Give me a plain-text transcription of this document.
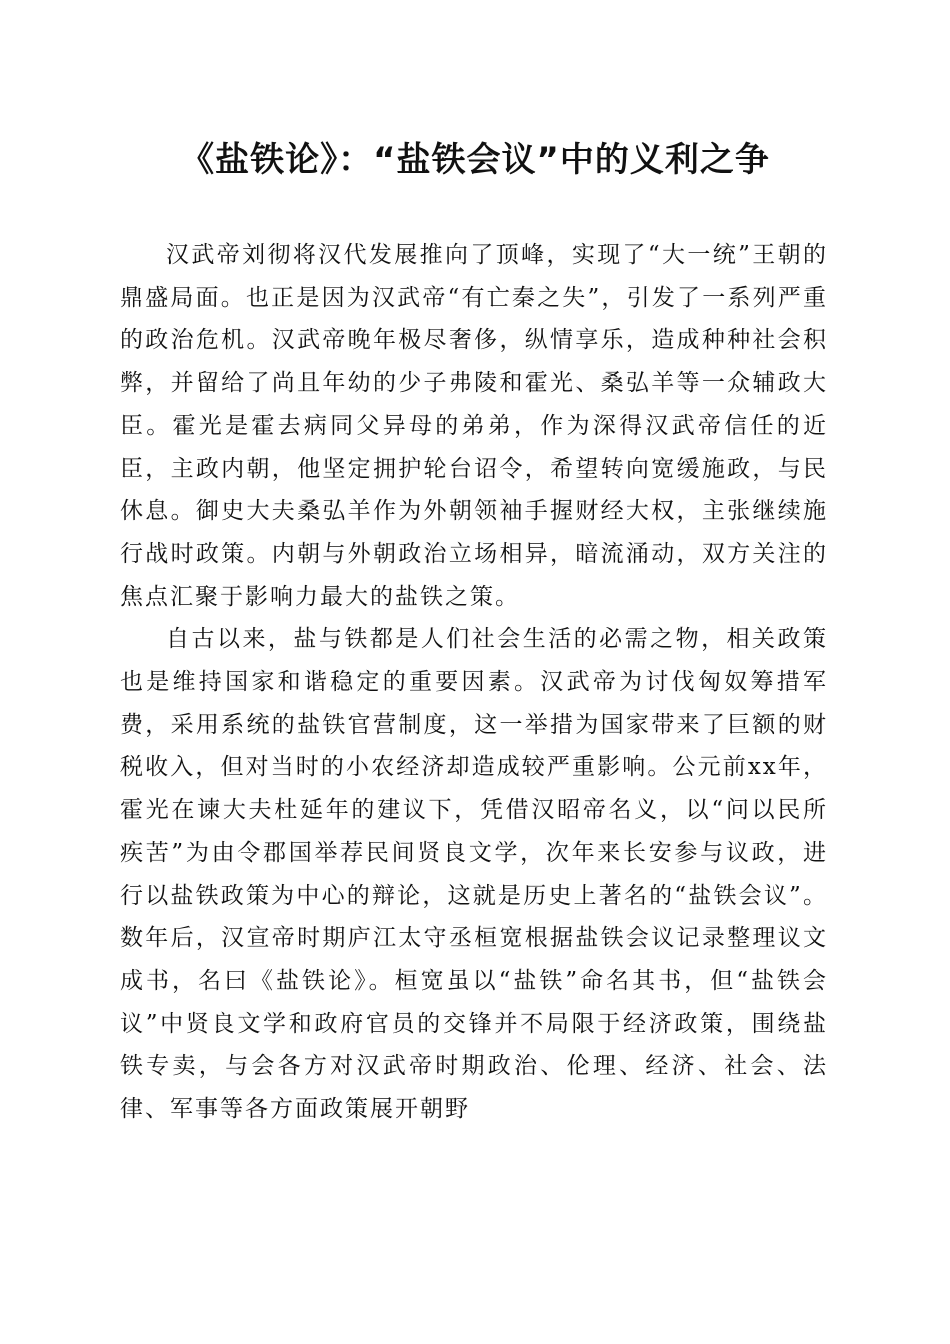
《盐铁论》：“盐铁会议”中的义利之争

汉武帝刘彻将汉代发展推向了顶峰，实现了“大一统”王朝的鼎盛局面。也正是因为汉武帝“有亡秦之失”，引发了一系列严重的政治危机。汉武帝晚年极尽奢侈，纵情享乐，造成种种社会积弊，并留给了尚且年幼的少子弗陵和霍光、桑弘羊等一众辅政大臣。霍光是霍去病同父异母的弟弟，作为深得汉武帝信任的近臣，主政内朝，他坚定拥护轮台诏令，希望转向宽缓施政，与民休息。御史大夫桑弘羊作为外朝领袖手握财经大权，主张继续施行战时政策。内朝与外朝政治立场相异，暗流涌动，双方关注的焦点汇聚于影响力最大的盐铁之策。

自古以来，盐与铁都是人们社会生活的必需之物，相关政策也是维持国家和谐稳定的重要因素。汉武帝为讨伐匈奴筹措军费，采用系统的盐铁官营制度，这一举措为国家带来了巨额的财税收入，但对当时的小农经济却造成较严重影响。公元前xx年，霍光在谏大夫杜延年的建议下，凭借汉昭帝名义，以“问以民所疾苦”为由令郡国举荐民间贤良文学，次年来长安参与议政，进行以盐铁政策为中心的辩论，这就是历史上著名的“盐铁会议”。数年后，汉宣帝时期庐江太守丞桓宽根据盐铁会议记录整理议文成书，名曰《盐铁论》。桓宽虽以“盐铁”命名其书，但“盐铁会议”中贤良文学和政府官员的交锋并不局限于经济政策，围绕盐铁专卖，与会各方对汉武帝时期政治、伦理、经济、社会、法律、军事等各方面政策展开朝野
